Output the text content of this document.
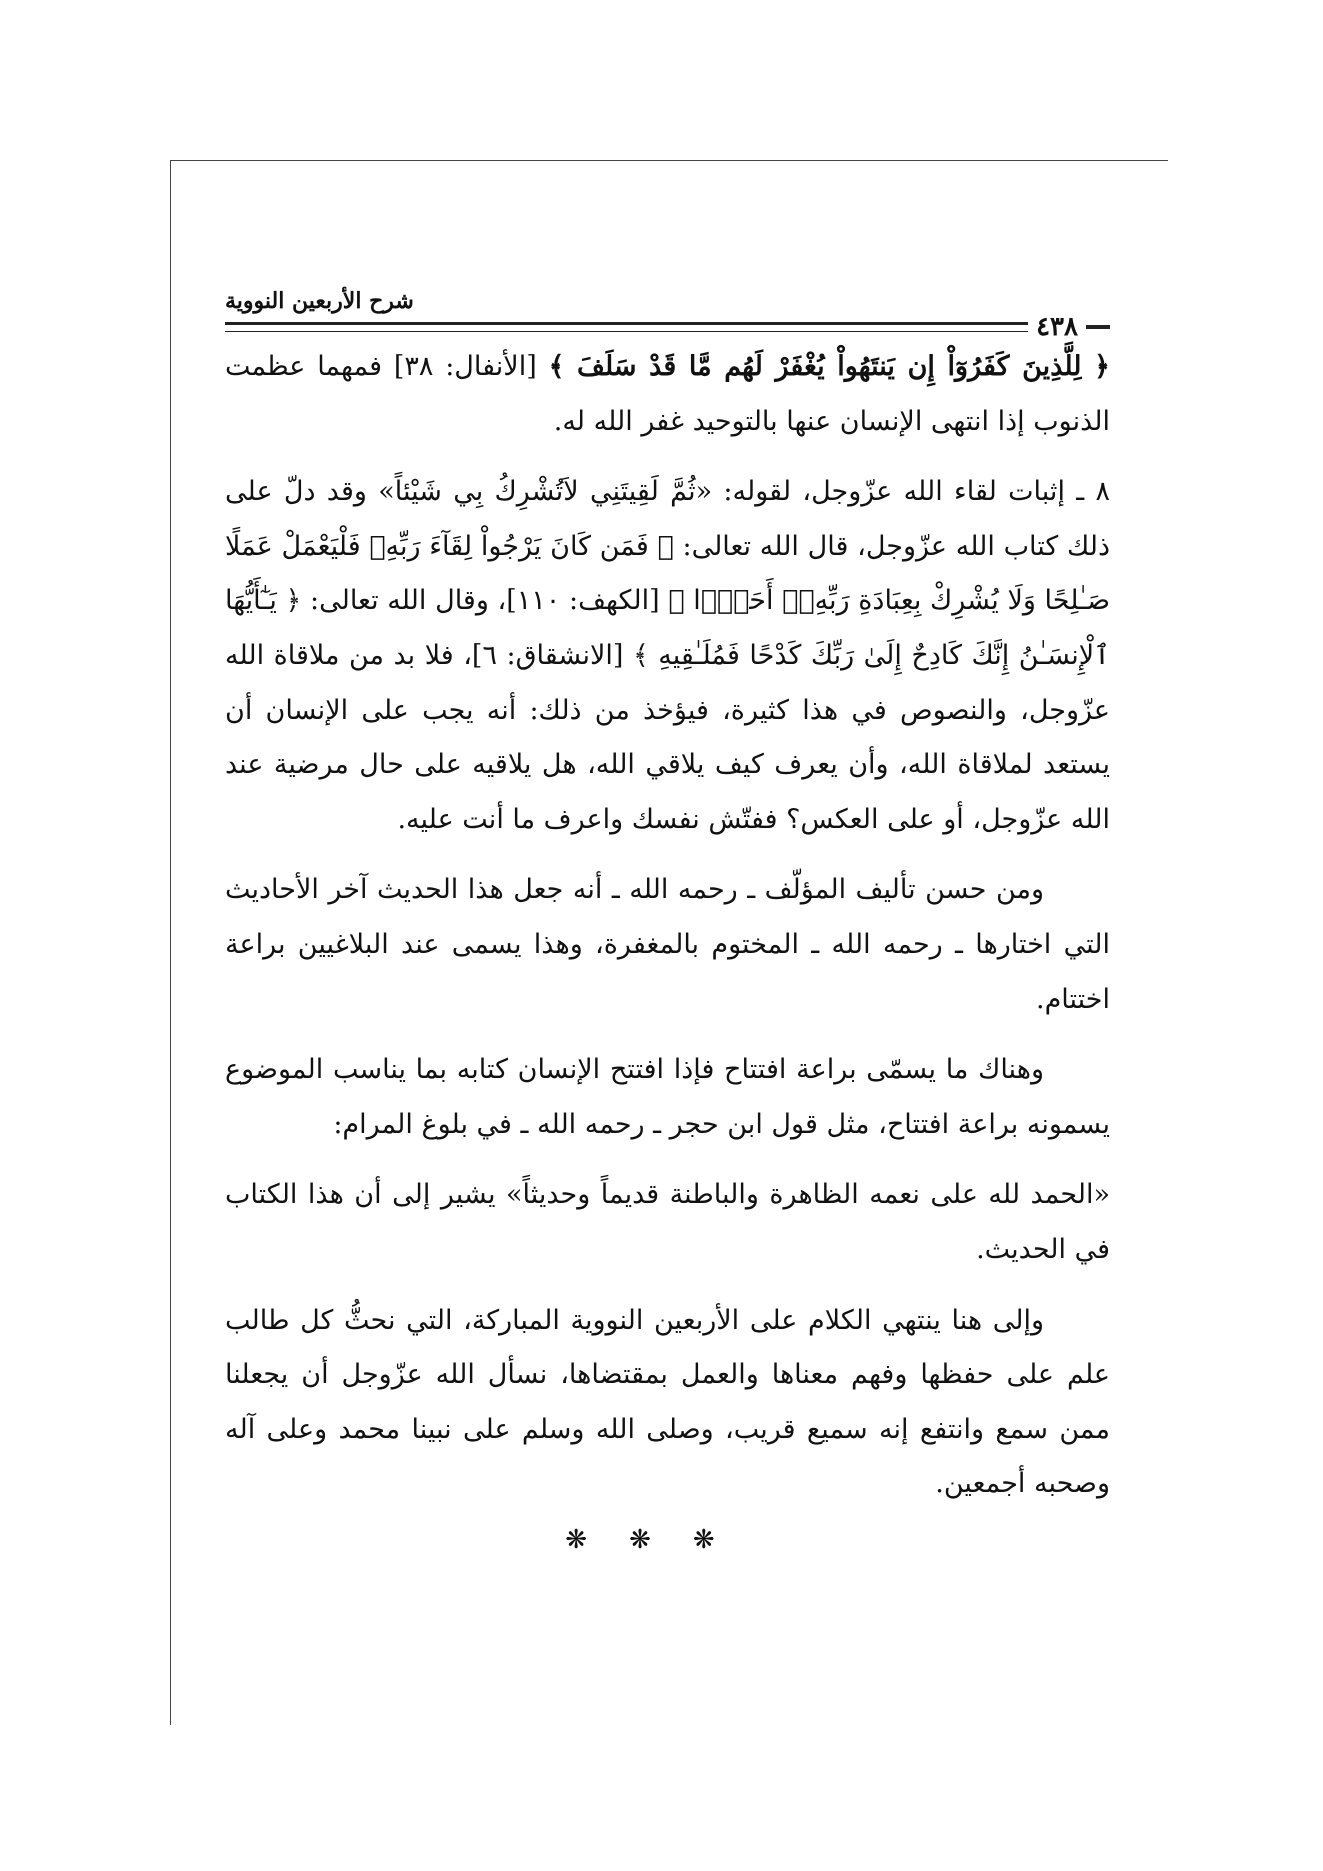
شرح الأربعين النووية
٤٣٨

﴿ لِلَّذِينَ كَفَرُوٓاْ إِن يَنتَهُواْ يُغْفَرْ لَهُم مَّا قَدْ سَلَفَ ﴾ [الأنفال: ٣٨] فمهما عظمت الذنوب إذا انتهى الإنسان عنها بالتوحيد غفر الله له.

٨ ـ إثبات لقاء الله عزّوجل، لقوله: «ثُمَّ لَقِيتَنِي لاَتُشْرِكُ بِي شَيْئاً» وقد دلّ على ذلك كتاب الله عزّوجل، قال الله تعالى: ﴿ فَمَن كَانَ يَرْجُواْ لِقَآءَ رَبِّهِۦ فَلْيَعْمَلْ عَمَلًا صَـٰلِحًا وَلَا يُشْرِكْ بِعِبَادَةِ رَبِّهِۦٓ أَحَدًۢا ﴾ [الكهف: ١١٠]، وقال الله تعالى: ﴿ يَـٰٓأَيُّهَا ٱلْإِنسَـٰنُ إِنَّكَ كَادِحٌ إِلَىٰ رَبِّكَ كَدْحًا فَمُلَـٰقِيهِ ﴾ [الانشقاق: ٦]، فلا بد من ملاقاة الله عزّوجل، والنصوص في هذا كثيرة، فيؤخذ من ذلك: أنه يجب على الإنسان أن يستعد لملاقاة الله، وأن يعرف كيف يلاقي الله، هل يلاقيه على حال مرضية عند الله عزّوجل، أو على العكس؟ ففتّش نفسك واعرف ما أنت عليه.

ومن حسن تأليف المؤلّف ـ رحمه الله ـ أنه جعل هذا الحديث آخر الأحاديث التي اختارها ـ رحمه الله ـ المختوم بالمغفرة، وهذا يسمى عند البلاغيين براعة اختتام.

وهناك ما يسمّى براعة افتتاح فإذا افتتح الإنسان كتابه بما يناسب الموضوع يسمونه براعة افتتاح، مثل قول ابن حجر ـ رحمه الله ـ في بلوغ المرام:

«الحمد لله على نعمه الظاهرة والباطنة قديماً وحديثاً» يشير إلى أن هذا الكتاب في الحديث.

وإلى هنا ينتهي الكلام على الأربعين النووية المباركة، التي نحثُّ كل طالب علم على حفظها وفهم معناها والعمل بمقتضاها، نسأل الله عزّوجل أن يجعلنا ممن سمع وانتفع إنه سميع قريب، وصلى الله وسلم على نبينا محمد وعلى آله وصحبه أجمعين.

❋ ❋ ❋
